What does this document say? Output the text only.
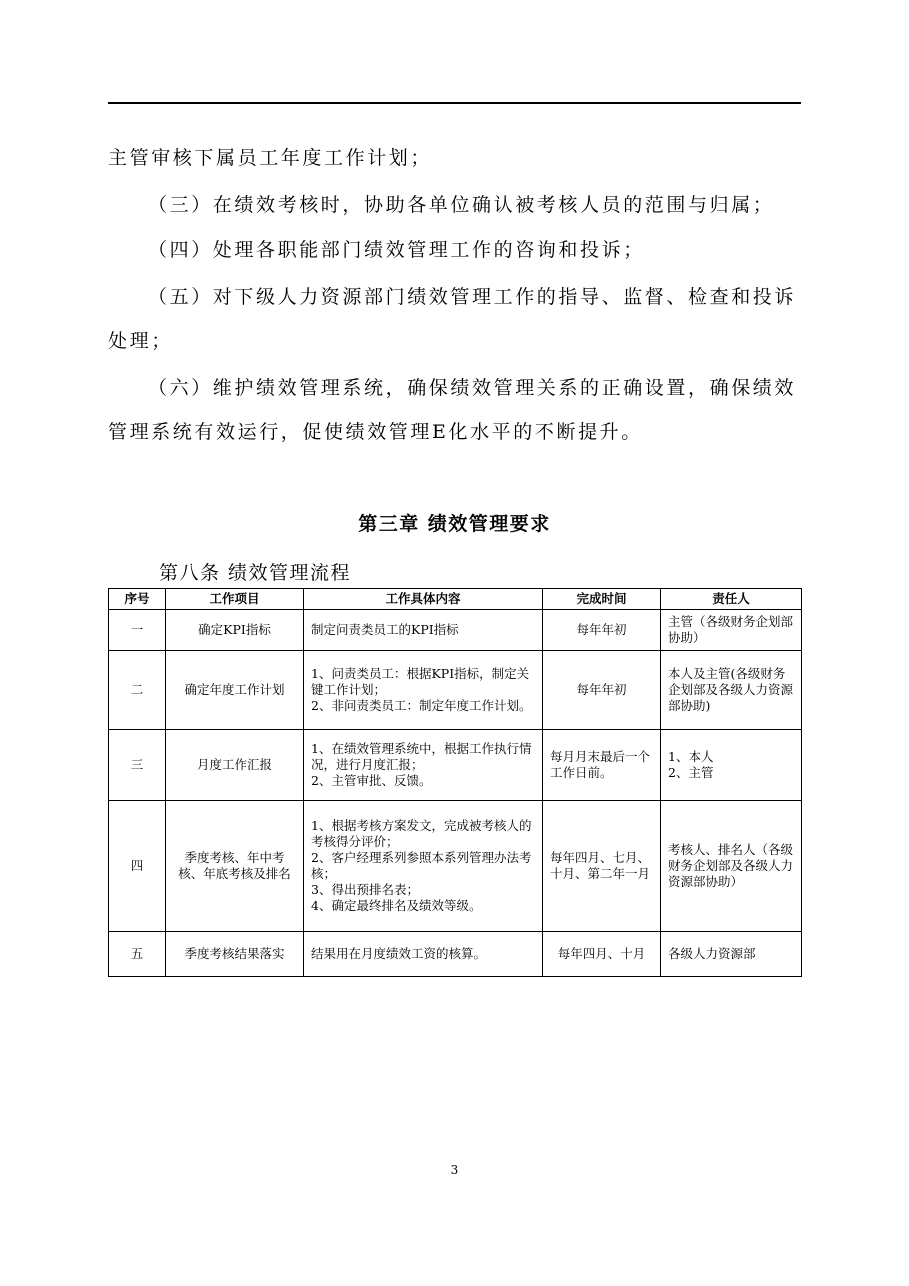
主管审核下属员工年度工作计划；

（三）在绩效考核时，协助各单位确认被考核人员的范围与归属；

（四）处理各职能部门绩效管理工作的咨询和投诉；

（五）对下级人力资源部门绩效管理工作的指导、监督、检查和投诉处理；

（六）维护绩效管理系统，确保绩效管理关系的正确设置，确保绩效管理系统有效运行，促使绩效管理E化水平的不断提升。

第三章 绩效管理要求
第八条 绩效管理流程
序号	工作项目	工作具体内容	完成时间	责任人
一	确定KPI指标	制定问责类员工的KPI指标	每年年初	主管（各级财务企划部协助）

二	确定年度工作计划	1、问责类员工：根据KPI指标，制定关键工作计划；
2、非问责类员工：制定年度工作计划。	每年年初	本人及主管(各级财务企划部及各级人力资源部协助)

三	月度工作汇报	1、在绩效管理系统中，根据工作执行情况，进行月度汇报；
2、主管审批、反馈。	每月月末最后一个工作日前。	1、本人
2、主管

四	季度考核、年中考核、年底考核及排名	1、根据考核方案发文，完成被考核人的考核得分评价；
2、客户经理系列参照本系列管理办法考核；
3、得出预排名表；
4、确定最终排名及绩效等级。	每年四月、七月、十月、第二年一月	考核人、排名人（各级财务企划部及各级人力资源部协助）

五	季度考核结果落实	结果用在月度绩效工资的核算。	每年四月、十月	各级人力资源部
3
